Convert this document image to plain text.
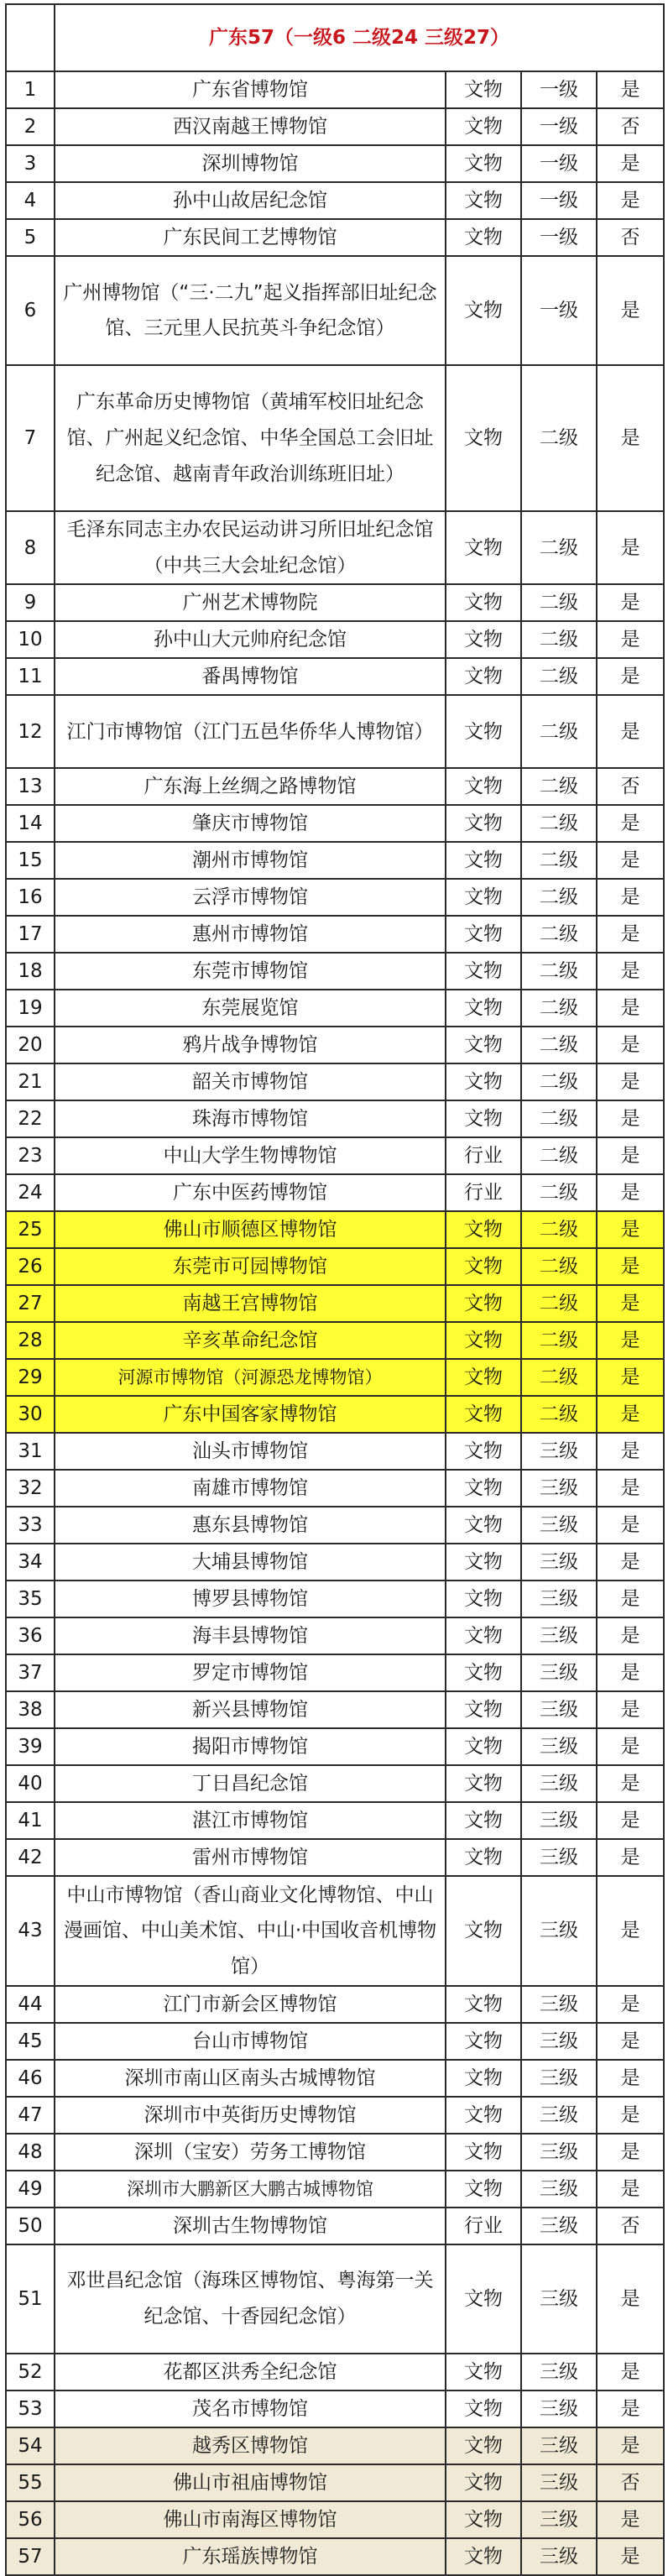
	广东57（一级6 二级24 三级27）			
1	广东省博物馆	文物	一级	是
2	西汉南越王博物馆	文物	一级	否
3	深圳博物馆	文物	一级	是
4	孙中山故居纪念馆	文物	一级	是
5	广东民间工艺博物馆	文物	一级	否
6	广州博物馆（“三·二九”起义指挥部旧址纪念馆、三元里人民抗英斗争纪念馆）	文物	一级	是
7	广东革命历史博物馆（黄埔军校旧址纪念馆、广州起义纪念馆、中华全国总工会旧址纪念馆、越南青年政治训练班旧址）	文物	二级	是
8	毛泽东同志主办农民运动讲习所旧址纪念馆（中共三大会址纪念馆）	文物	二级	是
9	广州艺术博物院	文物	二级	是
10	孙中山大元帅府纪念馆	文物	二级	是
11	番禺博物馆	文物	二级	是
12	江门市博物馆（江门五邑华侨华人博物馆）	文物	二级	是
13	广东海上丝绸之路博物馆	文物	二级	否
14	肇庆市博物馆	文物	二级	是
15	潮州市博物馆	文物	二级	是
16	云浮市博物馆	文物	二级	是
17	惠州市博物馆	文物	二级	是
18	东莞市博物馆	文物	二级	是
19	东莞展览馆	文物	二级	是
20	鸦片战争博物馆	文物	二级	是
21	韶关市博物馆	文物	二级	是
22	珠海市博物馆	文物	二级	是
23	中山大学生物博物馆	行业	二级	是
24	广东中医药博物馆	行业	二级	是
25	佛山市顺德区博物馆	文物	二级	是
26	东莞市可园博物馆	文物	二级	是
27	南越王宫博物馆	文物	二级	是
28	辛亥革命纪念馆	文物	二级	是
29	河源市博物馆（河源恐龙博物馆）	文物	二级	是
30	广东中国客家博物馆	文物	二级	是
31	汕头市博物馆	文物	三级	是
32	南雄市博物馆	文物	三级	是
33	惠东县博物馆	文物	三级	是
34	大埔县博物馆	文物	三级	是
35	博罗县博物馆	文物	三级	是
36	海丰县博物馆	文物	三级	是
37	罗定市博物馆	文物	三级	是
38	新兴县博物馆	文物	三级	是
39	揭阳市博物馆	文物	三级	是
40	丁日昌纪念馆	文物	三级	是
41	湛江市博物馆	文物	三级	是
42	雷州市博物馆	文物	三级	是
43	中山市博物馆（香山商业文化博物馆、中山漫画馆、中山美术馆、中山·中国收音机博物馆）	文物	三级	是
44	江门市新会区博物馆	文物	三级	是
45	台山市博物馆	文物	三级	是
46	深圳市南山区南头古城博物馆	文物	三级	是
47	深圳市中英街历史博物馆	文物	三级	是
48	深圳（宝安）劳务工博物馆	文物	三级	是
49	深圳市大鹏新区大鹏古城博物馆	文物	三级	是
50	深圳古生物博物馆	行业	三级	否
51	邓世昌纪念馆（海珠区博物馆、粤海第一关纪念馆、十香园纪念馆）	文物	三级	是
52	花都区洪秀全纪念馆	文物	三级	是
53	茂名市博物馆	文物	三级	是
54	越秀区博物馆	文物	三级	是
55	佛山市祖庙博物馆	文物	三级	否
56	佛山市南海区博物馆	文物	三级	是
57	广东瑶族博物馆	文物	三级	是
